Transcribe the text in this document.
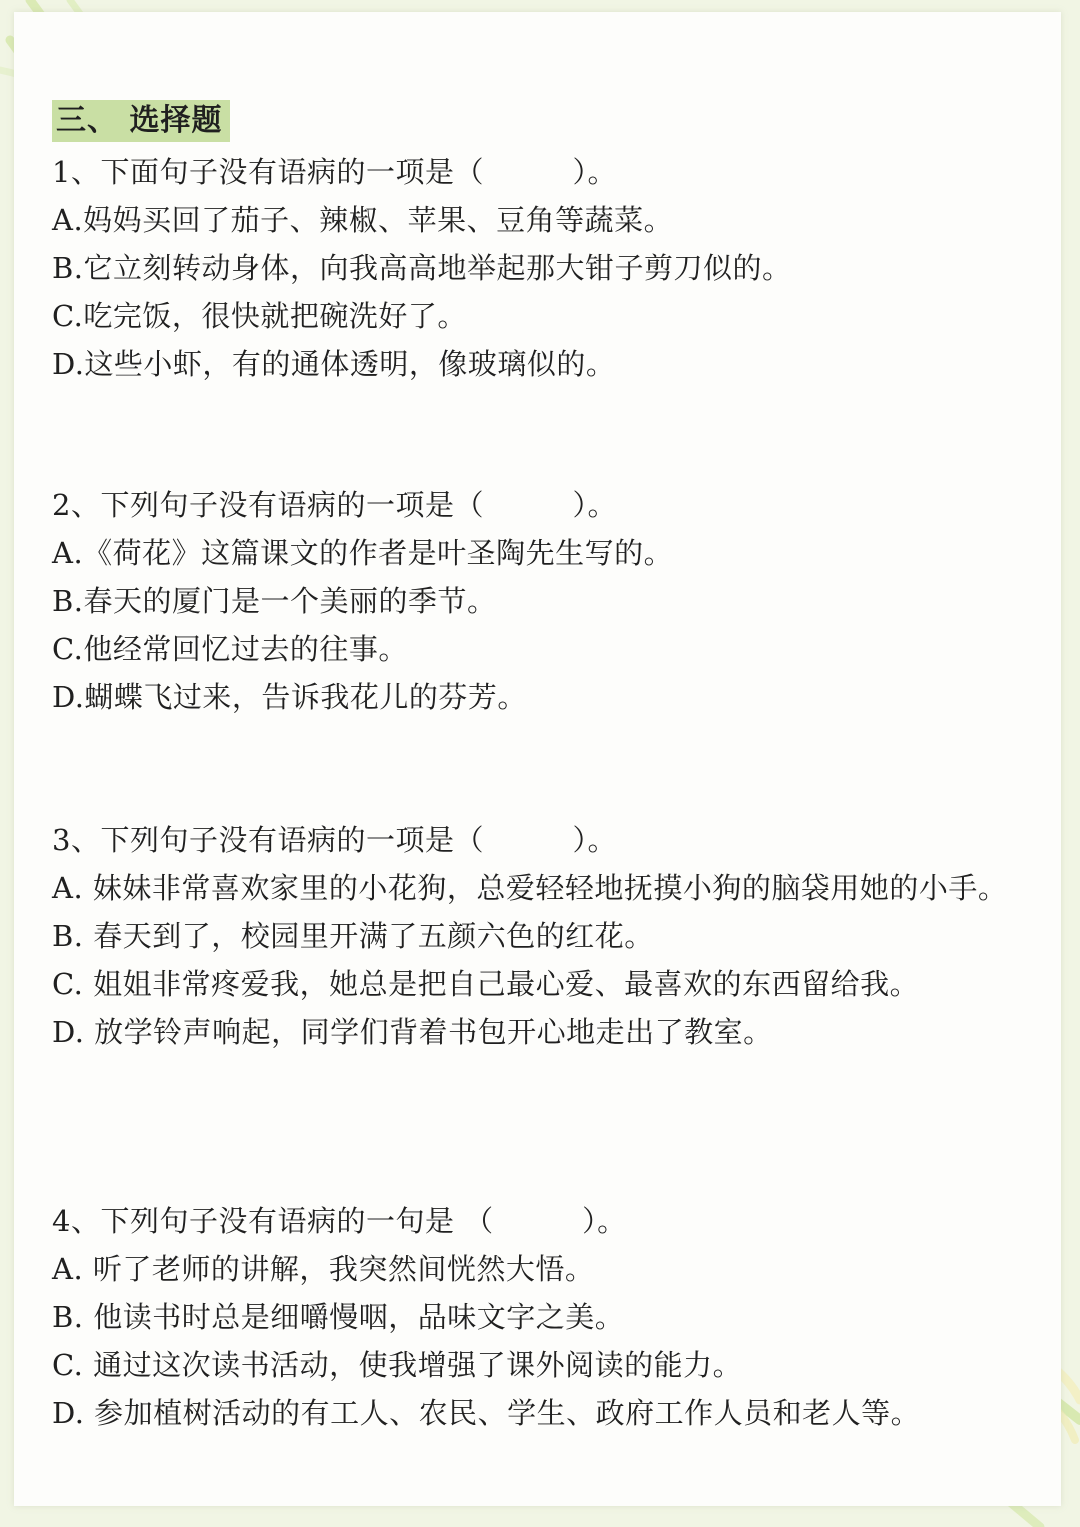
三、 选择题
1、下面句子没有语病的一项是（　　　）。
A.妈妈买回了茄子、辣椒、苹果、豆角等蔬菜。
B.它立刻转动身体，向我高高地举起那大钳子剪刀似的。
C.吃完饭，很快就把碗洗好了。
D.这些小虾，有的通体透明，像玻璃似的。
2、下列句子没有语病的一项是（　　　）。
A.《荷花》这篇课文的作者是叶圣陶先生写的。
B.春天的厦门是一个美丽的季节。
C.他经常回忆过去的往事。
D.蝴蝶飞过来，告诉我花儿的芬芳。
3、下列句子没有语病的一项是（　　　）。
A. 妹妹非常喜欢家里的小花狗，总爱轻轻地抚摸小狗的脑袋用她的小手。
B. 春天到了，校园里开满了五颜六色的红花。
C. 姐姐非常疼爱我，她总是把自己最心爱、最喜欢的东西留给我。
D. 放学铃声响起，同学们背着书包开心地走出了教室。
4、下列句子没有语病的一句是 （　　　）。
A. 听了老师的讲解，我突然间恍然大悟。
B. 他读书时总是细嚼慢咽，品味文字之美。
C. 通过这次读书活动，使我增强了课外阅读的能力。
D. 参加植树活动的有工人、农民、学生、政府工作人员和老人等。
